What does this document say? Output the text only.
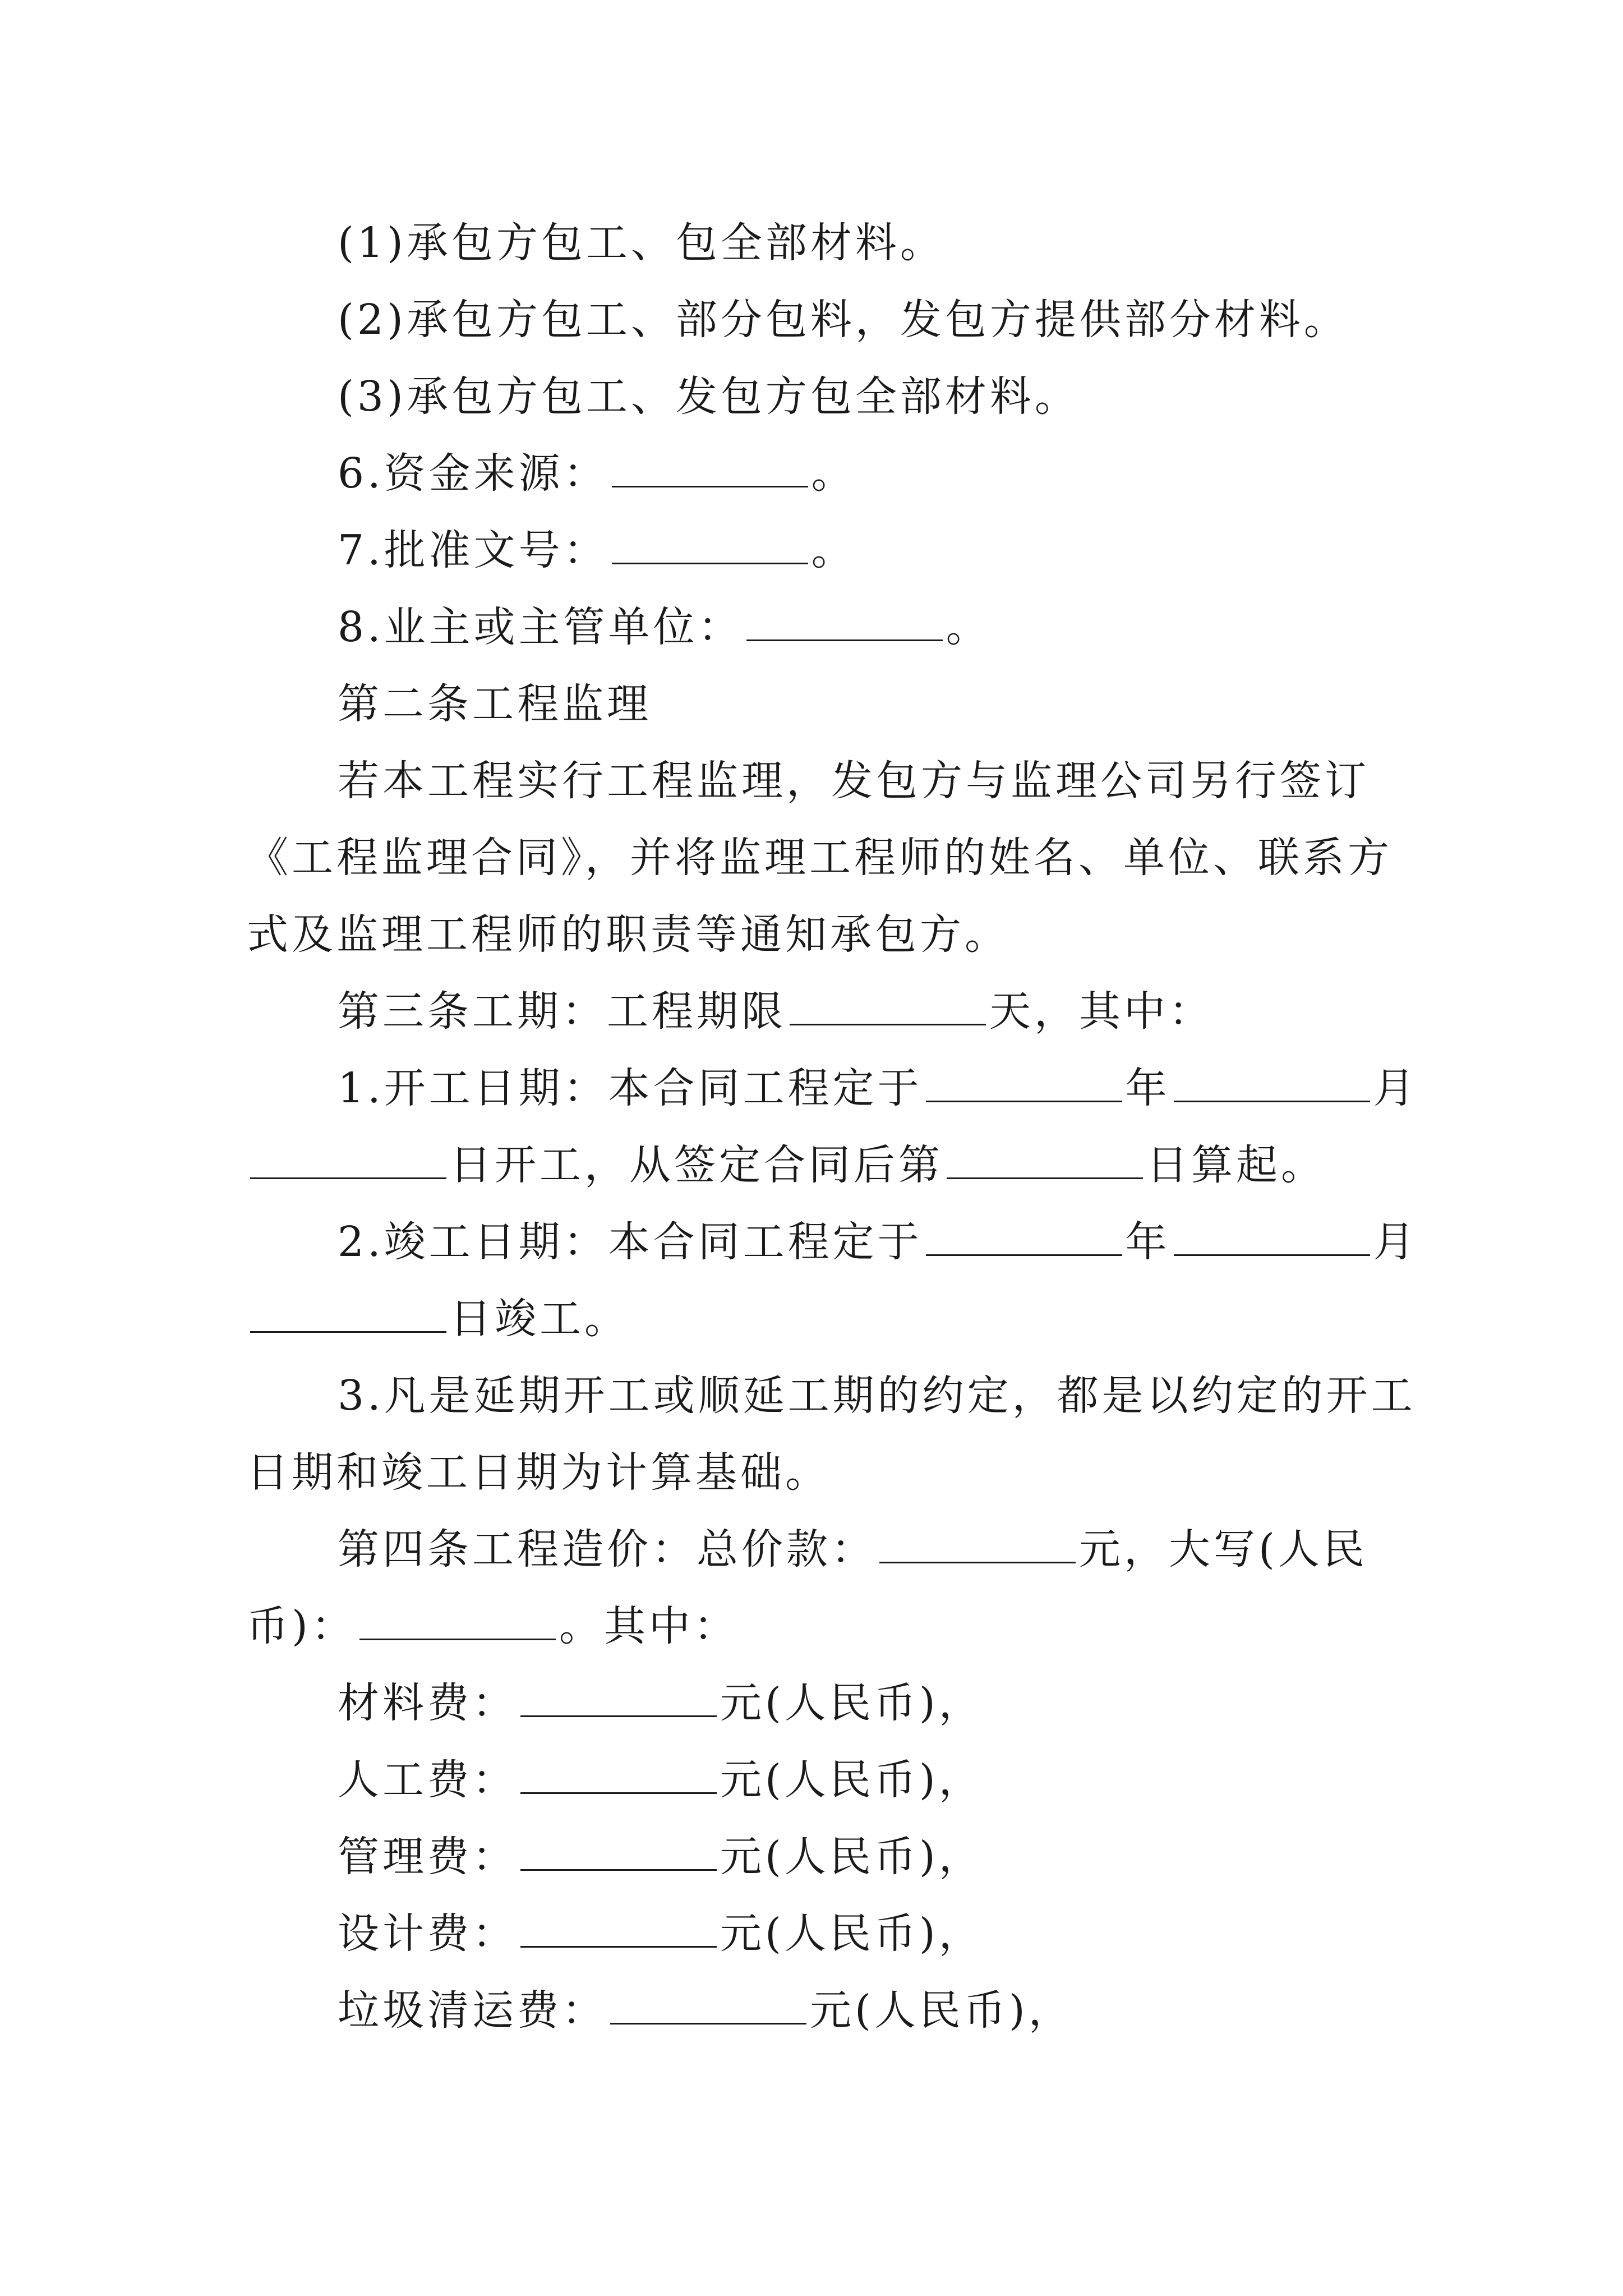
(1)承包方包工、包全部材料。
(2)承包方包工、部分包料，发包方提供部分材料。
(3)承包方包工、发包方包全部材料。
6.资金来源：	。
7.批准文号：	。
8.业主或主管单位：	。
第二条工程监理
若本工程实行工程监理，发包方与监理公司另行签订
《工程监理合同》，并将监理工程师的姓名、单位、联系方
式及监理工程师的职责等通知承包方。
第三条工期：工程期限	天，其中：
1.开工日期：本合同工程定于	年	月
日开工，从签定合同后第	日算起。
2.竣工日期：本合同工程定于	年	月
日竣工。
3.凡是延期开工或顺延工期的约定，都是以约定的开工
日期和竣工日期为计算基础。
第四条工程造价：总价款：	元，大写(人民
币)：	。其中：
材料费：	元(人民币)，
人工费：	元(人民币)，
管理费：	元(人民币)，
设计费：	元(人民币)，
垃圾清运费：	元(人民币)，
